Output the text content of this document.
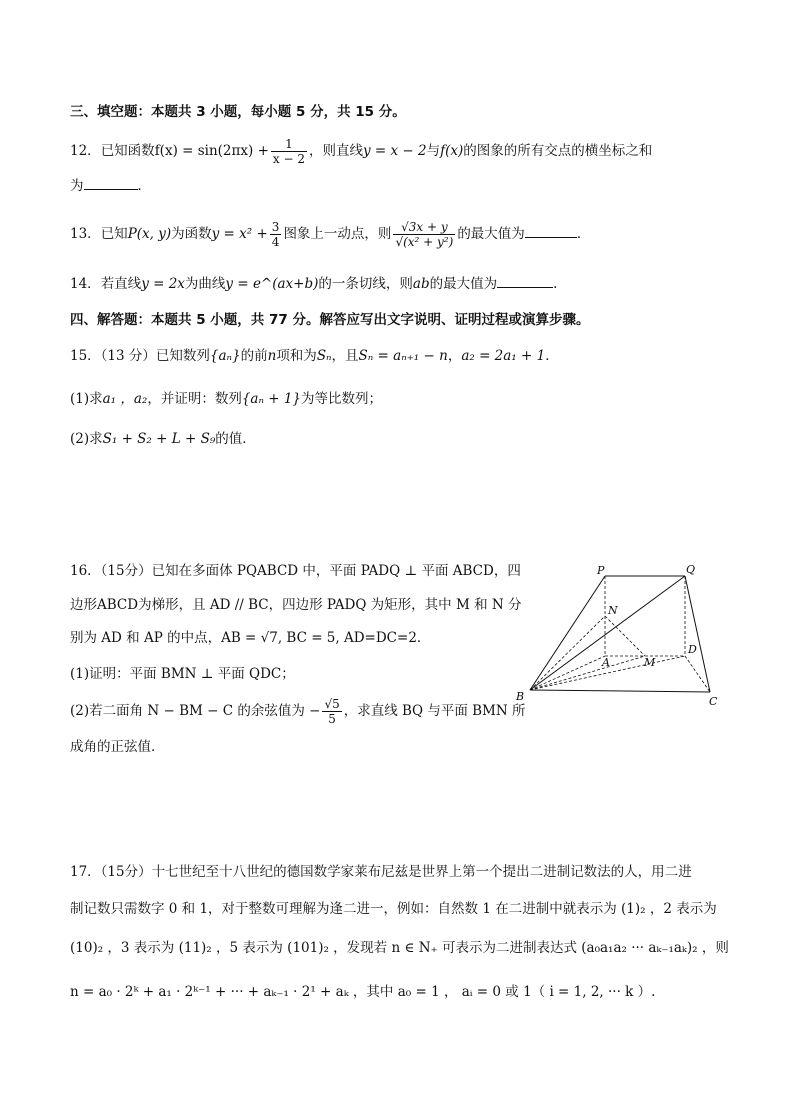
三、填空题：本题共 3 小题，每小题 5 分，共 15 分。
12．已知函数$f(x) = \sin(2\pi x) + \frac{1}{x - 2}$ ，则直线y = x − 2与f(x)的图象的所有交点的横坐标之和
为	．
13．已知P(x, y)为函数$y = x^2 + \frac{3}{4}$ 图象上一动点，则 $\frac{√3x + y}{\text{√(x² + y²)}}$ 的最大值为	．
14．若直线y = 2x为曲线y = e^(ax+b)的一条切线，则ab的最大值为	.
四、解答题：本题共 5 小题，共 77 分。解答应写出文字说明、证明过程或演算步骤。
15．（13 分）已知数列{aₙ}的前n项和为Sₙ，且Sₙ = aₙ₊₁ − n，a₂ = 2a₁ + 1．
(1)求a₁ ，a₂，并证明：数列{aₙ + 1}为等比数列；
(2)求S₁ + S₂ + L + S₉的值．
16．（15分）已知在多面体 PQABCD 中，平面 PADQ ⊥ 平面 ABCD，四
边形ABCD为梯形，且 AD // BC，四边形 PADQ 为矩形，其中 M 和 N 分
别为 AD 和 AP 的中点，AB = √7, BC = 5, AD=DC=2．
(1)证明：平面 BMN ⊥ 平面 QDC；
(2)若二面角 N − BM − C 的余弦值为 − $\frac{√5}{5}$ ，求直线 BQ 与平面 BMN 所
成角的正弦值．
P	Q
N
A	M
D
B	C
17．（15分）十七世纪至十八世纪的德国数学家莱布尼兹是世界上第一个提出二进制记数法的人，用二进
制记数只需数字 0 和 1，对于整数可理解为逢二进一，例如：自然数 1 在二进制中就表示为 (1)₂ ，2 表示为
(10)₂ ，3 表示为 (11)₂ ，5 表示为 (101)₂ ，发现若 n ∈ N₊ 可表示为二进制表达式 (a₀a₁a₂ ··· aₖ₋₁aₖ)₂ ，则
n = a₀ · 2ᵏ + a₁ · 2ᵏ⁻¹ + ··· + aₖ₋₁ · 2¹ + aₖ ，其中 a₀ = 1 ， aᵢ = 0 或 1（ i = 1, 2, ··· k ）.
